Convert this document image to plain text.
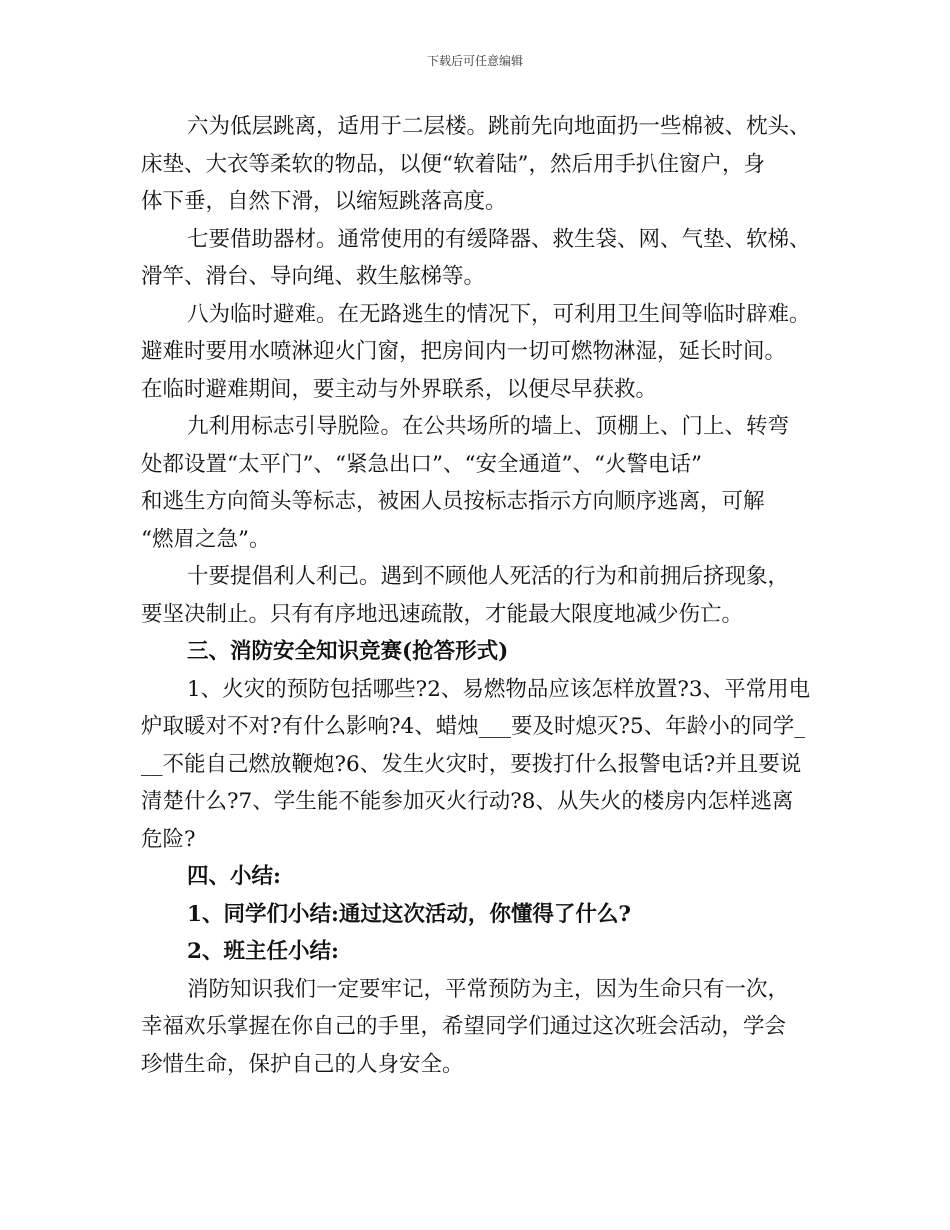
下载后可任意编辑
六为低层跳离，适用于二层楼。跳前先向地面扔一些棉被、枕头、
床垫、大衣等柔软的物品，以便“软着陆”，然后用手扒住窗户，身
体下垂，自然下滑，以缩短跳落高度。
七要借助器材。通常使用的有缓降器、救生袋、网、气垫、软梯、
滑竿、滑台、导向绳、救生舷梯等。
八为临时避难。在无路逃生的情况下，可利用卫生间等临时辟难。
避难时要用水喷淋迎火门窗，把房间内一切可燃物淋湿，延长时间。
在临时避难期间，要主动与外界联系，以便尽早获救。
九利用标志引导脱险。在公共场所的墙上、顶棚上、门上、转弯
处都设置“太平门”、“紧急出口”、“安全通道”、“火警电话”
和逃生方向简头等标志，被困人员按标志指示方向顺序逃离，可解
“燃眉之急”。
十要提倡利人利己。遇到不顾他人死活的行为和前拥后挤现象，
要坚决制止。只有有序地迅速疏散，才能最大限度地减少伤亡。
三、消防安全知识竞赛(抢答形式)
1、火灾的预防包括哪些?2、易燃物品应该怎样放置?3、平常用电
炉取暖对不对?有什么影响?4、蜡烛___要及时熄灭?5、年龄小的同学_
__不能自己燃放鞭炮?6、发生火灾时，要拨打什么报警电话?并且要说
清楚什么?7、学生能不能参加灭火行动?8、从失火的楼房内怎样逃离
危险?
四、小结:
1、同学们小结:通过这次活动，你懂得了什么?
2、班主任小结:
消防知识我们一定要牢记，平常预防为主，因为生命只有一次，
幸福欢乐掌握在你自己的手里，希望同学们通过这次班会活动，学会
珍惜生命，保护自己的人身安全。
